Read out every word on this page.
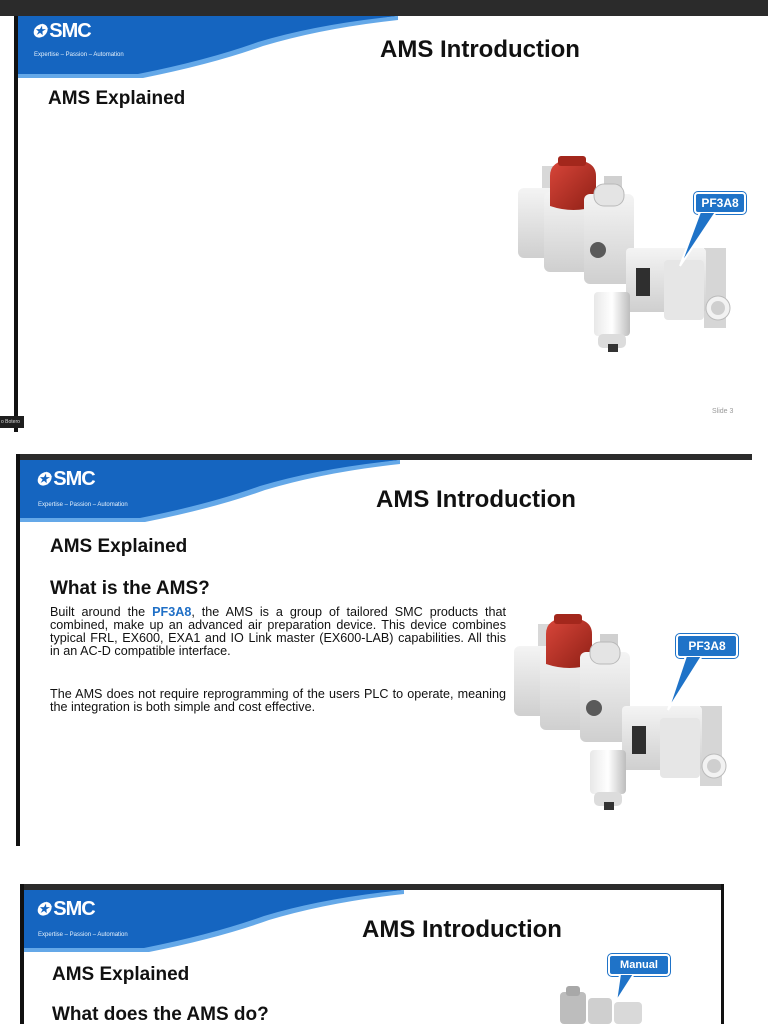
✪ SMC
Expertise – Passion – Automation	AMS Introduction
AMS Explained
PF3A8
Slide 3
o Botero
✪ SMC
Expertise – Passion – Automation	AMS Introduction
AMS Explained
What is the AMS?
Built around the PF3A8, the AMS is a group of tailored SMC products that combined, make up an advanced air preparation device. This device combines typical FRL, EX600, EXA1 and IO Link master (EX600-LAB) capabilities. All this in an AC-D compatible interface.
The AMS does not require reprogramming of the users PLC to operate, meaning the integration is both simple and cost effective.
PF3A8
✪ SMC
Expertise – Passion – Automation	AMS Introduction
AMS Explained
What does the AMS do?
Manual
